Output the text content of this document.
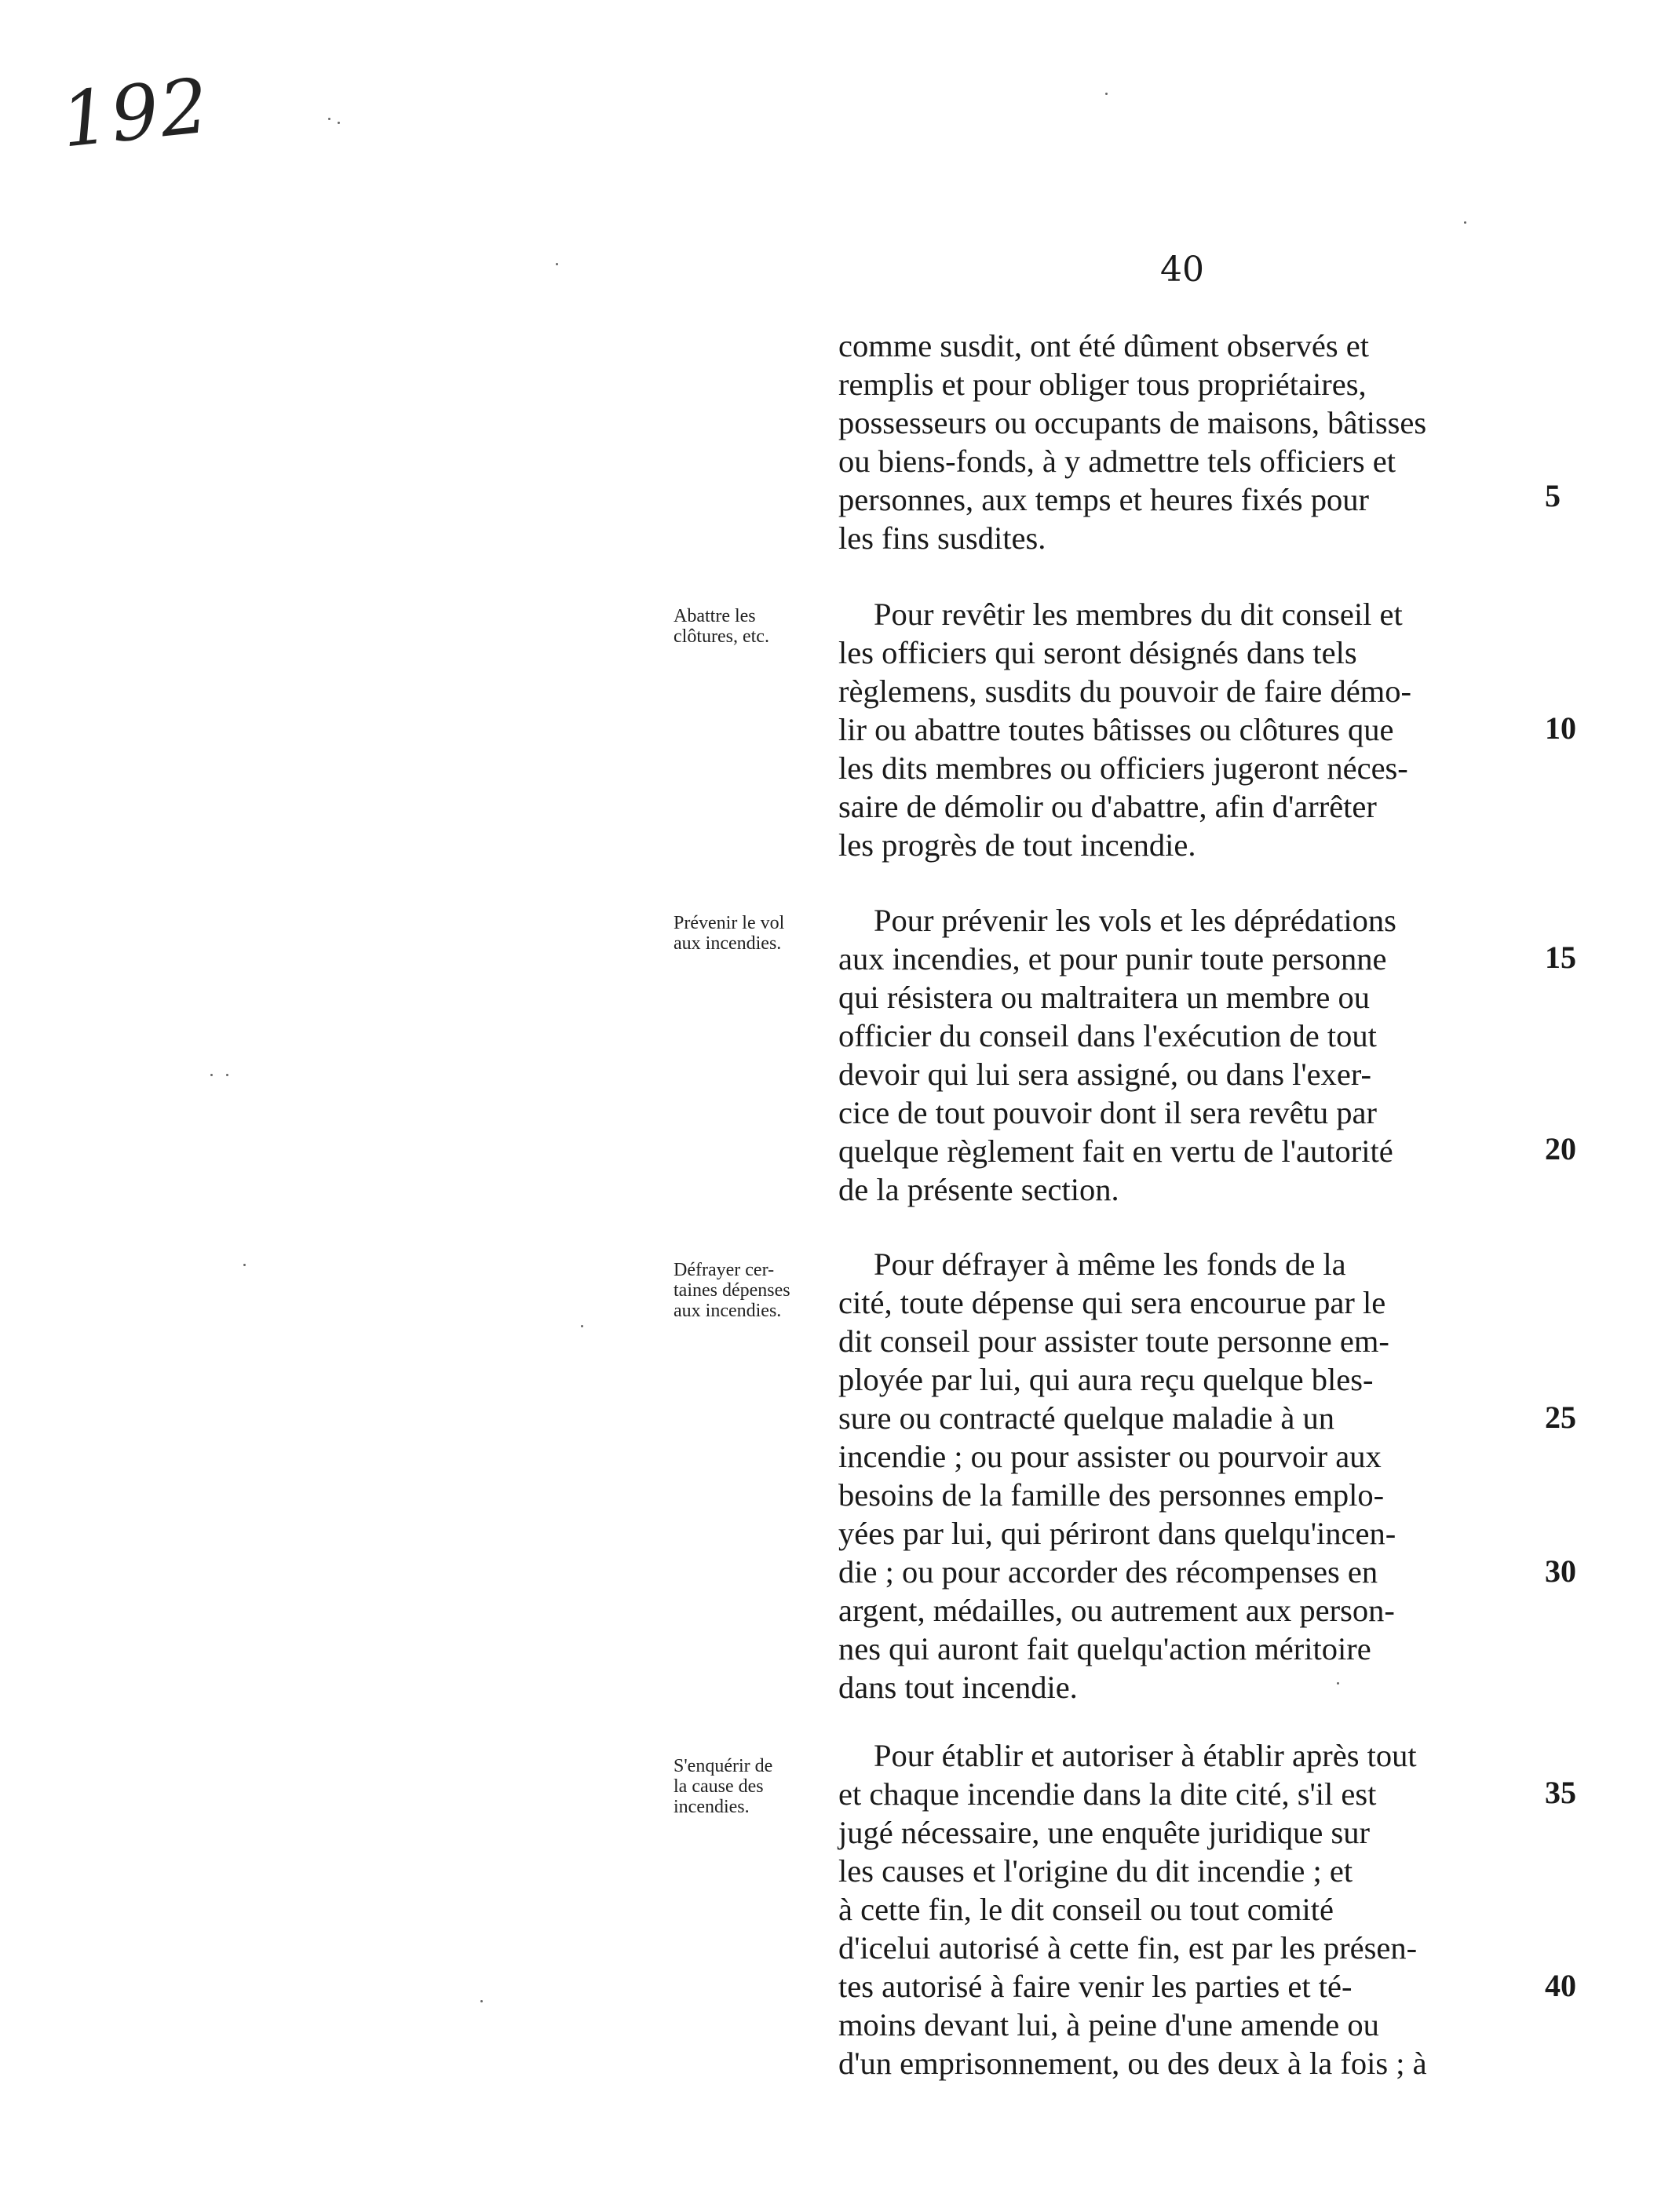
192
40
comme susdit, ont été dûment observés et
remplis et pour obliger tous propriétaires,
possesseurs ou occupants de maisons, bâtisses
ou biens-fonds, à y admettre tels officiers et
personnes, aux temps et heures fixés pour
les fins susdites.
Abattre les
clôtures, etc.
Pour revêtir les membres du dit conseil et
les officiers qui seront désignés dans tels
règlemens, susdits du pouvoir de faire démo-
lir ou abattre toutes bâtisses ou clôtures que
les dits membres ou officiers jugeront néces-
saire de démolir ou d'abattre, afin d'arrêter
les progrès de tout incendie.
Prévenir le vol
aux incendies.
Pour prévenir les vols et les déprédations
aux incendies, et pour punir toute personne
qui résistera ou maltraitera un membre ou
officier du conseil dans l'exécution de tout
devoir qui lui sera assigné, ou dans l'exer-
cice de tout pouvoir dont il sera revêtu par
quelque règlement fait en vertu de l'autorité
de la présente section.
Défrayer cer-
taines dépenses
aux incendies.
Pour défrayer à même les fonds de la
cité, toute dépense qui sera encourue par le
dit conseil pour assister toute personne em-
ployée par lui, qui aura reçu quelque bles-
sure ou contracté quelque maladie à un
incendie ; ou pour assister ou pourvoir aux
besoins de la famille des personnes emplo-
yées par lui, qui périront dans quelqu'incen-
die ; ou pour accorder des récompenses en
argent, médailles, ou autrement aux person-
nes qui auront fait quelqu'action méritoire
dans tout incendie.
S'enquérir de
la cause des
incendies.
Pour établir et autoriser à établir après tout
et chaque incendie dans la dite cité, s'il est
jugé nécessaire, une enquête juridique sur
les causes et l'origine du dit incendie ; et
à cette fin, le dit conseil ou tout comité
d'icelui autorisé à cette fin, est par les présen-
tes autorisé à faire venir les parties et té-
moins devant lui, à peine d'une amende ou
d'un emprisonnement, ou des deux à la fois ; à
5
10
15
20
25
30
35
40
